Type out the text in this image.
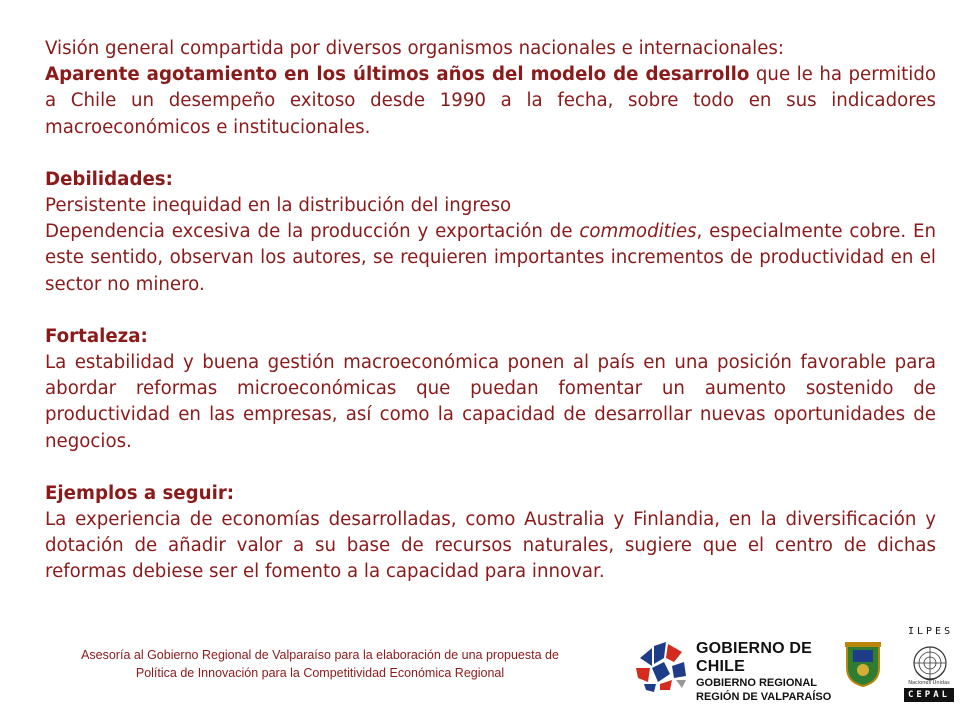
Visión general compartida por diversos organismos nacionales e internacionales:

Aparente agotamiento en los últimos años del modelo de desarrollo que le ha permitido a Chile un desempeño exitoso desde 1990 a la fecha, sobre todo en sus indicadores macroeconómicos e institucionales.

Debilidades:

Persistente inequidad en la distribución del ingreso

Dependencia excesiva de la producción y exportación de commodities, especialmente cobre. En este sentido, observan los autores, se requieren importantes incrementos de productividad en el sector no minero.

Fortaleza:

La estabilidad y buena gestión macroeconómica ponen al país en una posición favorable para abordar reformas microeconómicas que puedan fomentar un aumento sostenido de productividad en las empresas, así como la capacidad de desarrollar nuevas oportunidades de negocios.

Ejemplos a seguir:

La experiencia de economías desarrolladas, como Australia y Finlandia, en la diversificación y dotación de añadir valor a su base de recursos naturales, sugiere que el centro de dichas reformas debiese ser el fomento a la capacidad para innovar.

Asesoría al Gobierno Regional de Valparaíso para la elaboración de una propuesta de
Política de Innovación para la Competitividad Económica Regional
GOBIERNO DE CHILE
GOBIERNO REGIONAL
REGIÓN DE VALPARAÍSO
ILPES
Naciones Unidas
CEPAL
